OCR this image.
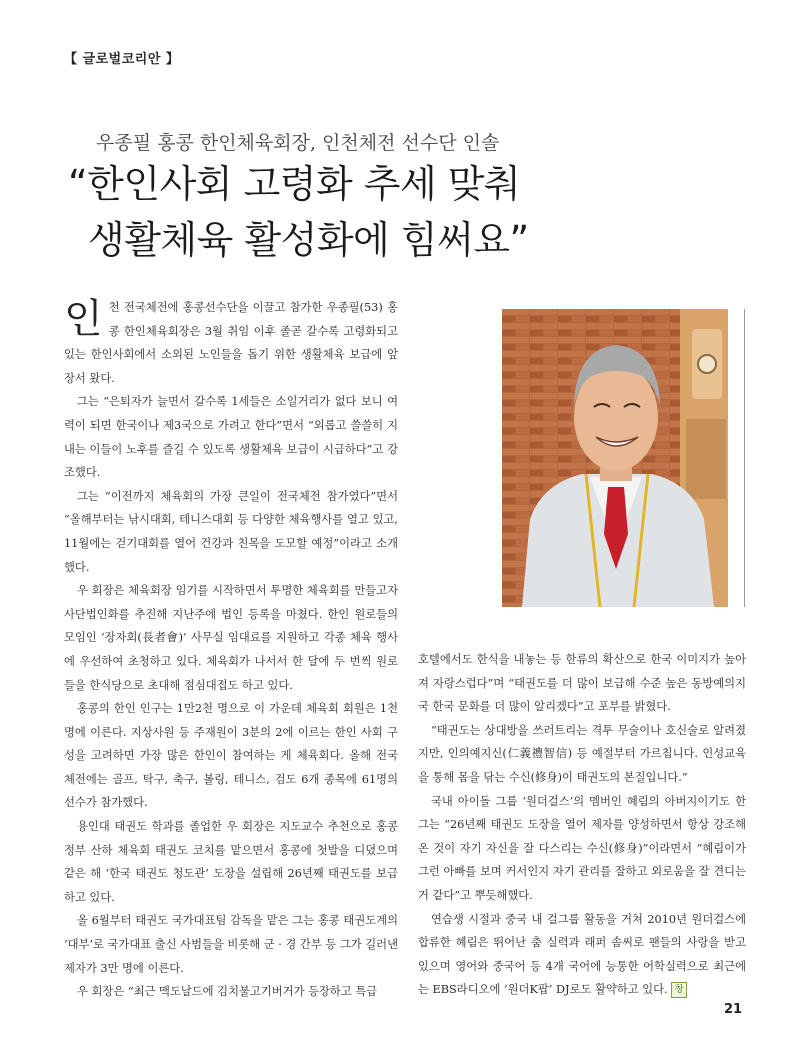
【 글로벌코리안 】
우종필 홍콩 한인체육회장, 인천체전 선수단 인솔
“한인사회 고령화 추세 맞춰
생활체육 활성화에 힘써요”

인천 전국체전에 홍콩선수단을 이끌고 참가한 우종필(53) 홍콩 한인체육회장은 3월 취임 이후 졸곧 갈수록 고령화되고 있는 한인사회에서 소외된 노인들을 돕기 위한 생활체육 보급에 앞장서 왔다.

그는 “은퇴자가 늘면서 갈수록 1세들은 소일거리가 없다 보니 여력이 되면 한국이나 제3국으로 가려고 한다”면서 “외롭고 쓸쓸히 지내는 이들이 노후를 즐길 수 있도록 생활체육 보급이 시급하다”고 강조했다.

그는 “이전까지 체육회의 가장 큰일이 전국체전 참가였다”면서 “올해부터는 낚시대회, 테니스대회 등 다양한 체육행사를 열고 있고, 11월에는 걷기대회를 열어 건강과 친목을 도모할 예정”이라고 소개했다.

우 회장은 체육회장 임기를 시작하면서 투명한 체육회를 만들고자 사단법인화를 추진해 지난주에 법인 등록을 마쳤다. 한인 원로들의 모임인 ‘장자회(長者會)’ 사무실 임대료를 지원하고 각종 체육 행사에 우선하여 초청하고 있다. 체육회가 나서서 한 달에 두 번씩 원로들을 한식당으로 초대해 점심대접도 하고 있다.

홍콩의 한인 인구는 1만2천 명으로 이 가운데 체육회 회원은 1천 명에 이른다. 지상사원 등 주재원이 3분의 2에 이르는 한인 사회 구성을 고려하면 가장 많은 한인이 참여하는 게 체육회다. 올해 전국 체전에는 골프, 탁구, 축구, 볼링, 테니스, 검도 6개 종목에 61명의 선수가 참가했다.

용인대 태권도 학과를 졸업한 우 회장은 지도교수 추천으로 홍콩정부 산하 체육회 태권도 코치를 맡으면서 홍콩에 첫발을 디뎠으며 같은 해 ‘한국 태권도 청도관’ 도장을 설립해 26년째 태권도를 보급하고 있다.

올 6월부터 태권도 국가대표팀 감독을 맡은 그는 홍콩 태권도계의 ‘대부’로 국가대표 출신 사범들을 비롯해 군 · 경 간부 등 그가 길러낸 제자가 3만 명에 이른다.

우 회장은 “최근 맥도날드에 김치불고기버거가 등장하고 특급

호텔에서도 한식을 내놓는 등 한류의 확산으로 한국 이미지가 높아져 자랑스럽다”며 “태권도를 더 많이 보급해 수준 높은 동방예의지국 한국 문화를 더 많이 알리겠다”고 포부를 밝혔다.

“태권도는 상대방을 쓰러트리는 격투 무술이나 호신술로 알려졌지만, 인의예지신(仁義禮智信) 등 예절부터 가르칩니다. 인성교육을 통해 몸을 닦는 수신(修身)이 태권도의 본질입니다.”

국내 아이돌 그룹 ‘원더걸스’의 멤버인 혜림의 아버지이기도 한 그는 “26년째 태권도 도장을 열어 제자를 양성하면서 항상 강조해온 것이 자기 자신을 잘 다스리는 수신(修身)”이라면서 “혜림이가 그런 아빠를 보며 커서인지 자기 관리를 잘하고 외로움을 잘 견디는 거 같다”고 뿌듯해했다.

연습생 시절과 중국 내 걸그룹 활동을 거쳐 2010년 원더걸스에 합류한 혜림은 뛰어난 춤 실력과 래퍼 솜씨로 팬들의 사랑을 받고 있으며 영어와 중국어 등 4개 국어에 능통한 어학실력으로 최근에는 EBS라디오에 ‘원더K팝’ DJ로도 활약하고 있다. 창

21
